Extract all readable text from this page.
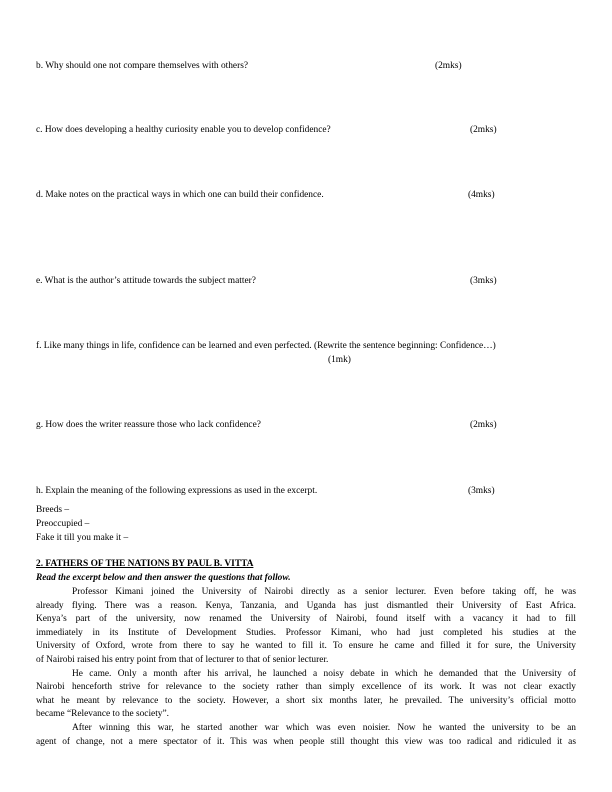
b. Why should one not compare themselves with others?	(2mks)
c. How does developing a healthy curiosity enable you to develop confidence?	(2mks)
d. Make notes on the practical ways in which one can build their confidence.	(4mks)
e. What is the author’s attitude towards the subject matter?	(3mks)
f. Like many things in life, confidence can be learned and even perfected. (Rewrite the sentence beginning: Confidence…)
(1mk)
g. How does the writer reassure those who lack confidence?	(2mks)
h. Explain the meaning of the following expressions as used in the excerpt.	(3mks)
Breeds –
Preoccupied –
Fake it till you make it –
2. FATHERS OF THE NATIONS BY PAUL B. VITTA
Read the excerpt below and then answer the questions that follow.
Professor Kimani joined the University of Nairobi directly as a senior lecturer. Even before taking off, he was
already flying. There was a reason. Kenya, Tanzania, and Uganda has just dismantled their University of East Africa.
Kenya’s part of the university, now renamed the University of Nairobi, found itself with a vacancy it had to fill
immediately in its Institute of Development Studies. Professor Kimani, who had just completed his studies at the
University of Oxford, wrote from there to say he wanted to fill it. To ensure he came and filled it for sure, the University
of Nairobi raised his entry point from that of lecturer to that of senior lecturer.
He came. Only a month after his arrival, he launched a noisy debate in which he demanded that the University of
Nairobi henceforth strive for relevance to the society rather than simply excellence of its work. It was not clear exactly
what he meant by relevance to the society. However, a short six months later, he prevailed. The university’s official motto
became “Relevance to the society”.
After winning this war, he started another war which was even noisier. Now he wanted the university to be an
agent of change, not a mere spectator of it. This was when people still thought this view was too radical and ridiculed it as
